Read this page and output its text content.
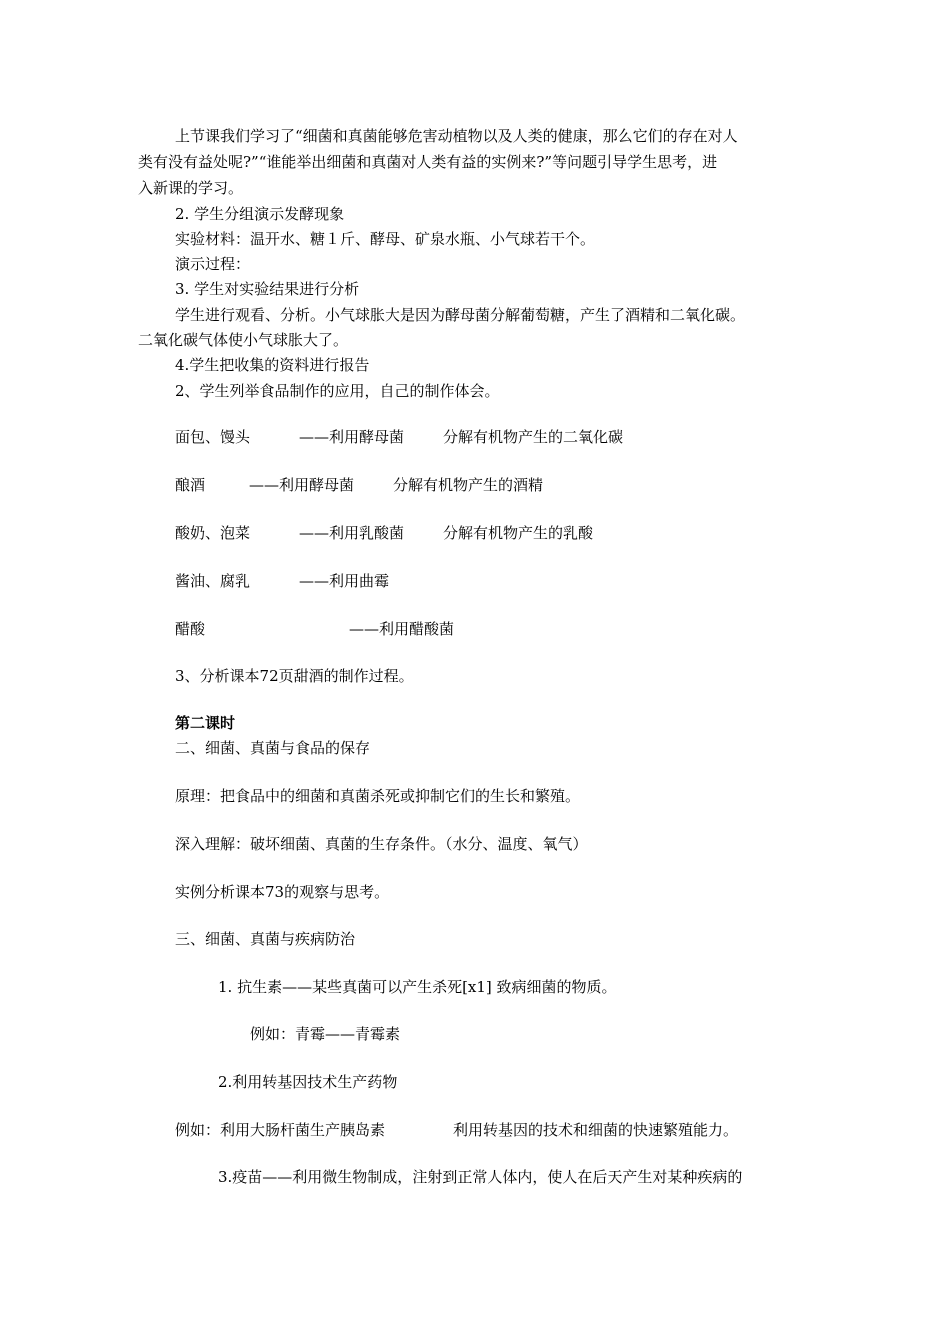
上节课我们学习了“细菌和真菌能够危害动植物以及人类的健康，那么它们的存在对人
类有没有益处呢?”“谁能举出细菌和真菌对人类有益的实例来?”等问题引导学生思考，进
入新课的学习。
2. 学生分组演示发酵现象
实验材料：温开水、糖１斤、酵母、矿泉水瓶、小气球若干个。
演示过程：
3. 学生对实验结果进行分析
学生进行观看、分析。小气球胀大是因为酵母菌分解葡萄糖，产生了酒精和二氧化碳。
二氧化碳气体使小气球胀大了。
4.学生把收集的资料进行报告
2、学生列举食品制作的应用，自己的制作体会。
面包、馒头	——利用酵母菌	分解有机物产生的二氧化碳
酿酒	——利用酵母菌	分解有机物产生的酒精
酸奶、泡菜	——利用乳酸菌	分解有机物产生的乳酸
酱油、腐乳	——利用曲霉
醋酸	——利用醋酸菌
3、分析课本72页甜酒的制作过程。
第二课时
二、细菌、真菌与食品的保存
原理：把食品中的细菌和真菌杀死或抑制它们的生长和繁殖。
深入理解：破坏细菌、真菌的生存条件。（水分、温度、氧气）
实例分析课本73的观察与思考。
三、细菌、真菌与疾病防治
1. 抗生素——某些真菌可以产生杀死[x1] 致病细菌的物质。
例如：青霉——青霉素
2.利用转基因技术生产药物
例如：利用大肠杆菌生产胰岛素	利用转基因的技术和细菌的快速繁殖能力。
3.疫苗——利用微生物制成，注射到正常人体内，使人在后天产生对某种疾病的
